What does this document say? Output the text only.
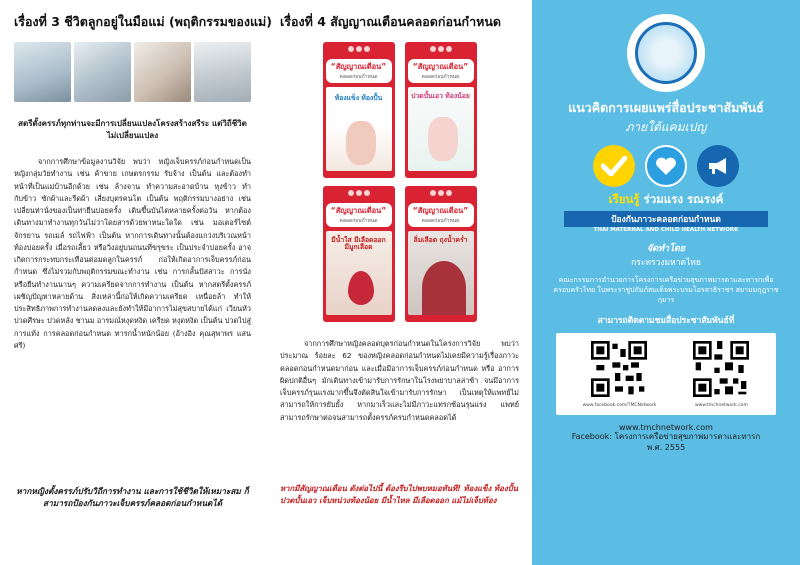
เรื่องที่ 3 ชีวิตลูกอยู่ในมือแม่ (พฤติกรรมของแม่)

สตรีตั้งครรภ์ทุกท่านจะมีการเปลี่ยนแปลงโครงสร้างสรีระ แต่วิถีชีวิตไม่เปลี่ยนแปลง

จากการศึกษาข้อมูลงานวิจัย พบว่า หญิงเจ็บครรภ์ก่อนกำหนดเป็นหญิงกลุ่มวัยทำงาน เช่น ค้าขาย เกษตรกรรม รับจ้าง เป็นต้น และต้องทำหน้าที่เป็นแม่บ้านอีกด้วย เช่น ล้างจาน ทำความสะอาดบ้าน หุงข้าว ทำกับข้าว ซักผ้าและรีดผ้า เสี่ยงบุตรคนโต เป็นต้น พฤติกรรมบางอย่าง เช่น เปลี่ยนท่านั่งของเป็นท่ายืนบ่อยครั้ง เดินขึ้นบันไดหลายครั้งต่อวัน หากต้องเดินทางมาทำงานทุกวันไม่ว่าโดยสารด้วยพาหนะใดใด เช่น มอเตอร์ไซต์ จักรยาน รถเมล์ รถไฟฟ้า เป็นต้น หากการเดินทางนั้นต้องแกว่งบริเวณหน้าท้องบ่อยครั้ง เมื่อรถเลี้ยว หรือวิ่งอยู่บนถนนที่ขรุขระ เป็นประจำบ่อยครั้ง อาจเกิดการกระทบกระเทือนต่อมดลูกในครรภ์ ก่อให้เกิดอาการเจ็บครรภ์ก่อนกำหนด ซึ่งไม่รวมกับพฤติกรรมขณะทำงาน เช่น การกลั้นปัสสาวะ การนั่งหรือยืนทำงานนานๆ ความเครียดจากการทำงาน เป็นต้น หากสตรีตั้งครรภ์เผชิญปัญหาหลายด้าน สิ่งเหล่านี้ก่อให้เกิดความเครียด เหนื่อยล้า ทำให้ประสิทธิภาพการทำงานลดลงและยังทำให้มีอาการไม่สุขสบายได้แก่ เวียนหัว ปวดศีรษะ ปวดหลัง ชานม อารมณ์หงุดหงิด เครียด หงุดหงิด เป็นต้น ปวดไปสู่ การแท้ง การคลอดก่อนกำหนด ทารกน้ำหนักน้อย (อ้างอิง คุณสุพาพร แสนศรี)

หากหญิงตั้งครรภ์ปรับวิถีการทำงาน และการใช้ชีวิตให้เหมาะสม ก็สามารถป้องกันภาวะเจ็บครรภ์คลอดก่อนกำหนดได้

เรื่องที่ 4 สัญญาณเตือนคลอดก่อนกำหนด
“สัญญาณเตือน”
คลอดก่อนกำหนด
ท้องแข็ง ท้องปั้น
“สัญญาณเตือน”
คลอดก่อนกำหนด
ปวดบั้นเอว ท้องน้อย
“สัญญาณเตือน”
คลอดก่อนกำหนด
มีน้ำใส มีเลือดออก มีมูกเลือด
“สัญญาณเตือน”
คลอดก่อนกำหนด
ลิ่มเลือด ถุงน้ำคร่ำ

จากการศึกษาหญิงคลอดบุตรก่อนกำหนดในโครงการวิจัย พบว่า ประมาณ ร้อยละ 62 ของหญิงคลอดก่อนกำหนดไม่เคยมีความรู้เรื่องภาวะคลอดก่อนกำหนดมาก่อน และเมื่อมีอาการเจ็บครรภ์ก่อนกำหนด หรือ อาการผิดปกติอื่นๆ มักเดินทางเข้ามารับการรักษาในโรงพยาบาลล่าช้า จนมีอาการเจ็บครรภ์รุนแรงมากขึ้นจึงตัดสินใจเข้ามารับการรักษา เป็นเหตุให้แพทย์ไม่สามารถให้การยับยั้ง หากมาเร็วและไม่มีภาวะแทรกซ้อนรุนแรง แพทย์สามารถรักษาต่อจนสามารถตั้งครรภ์ครบกำหนดคลอดได้

หากมีสัญญาณเตือน ดังต่อไปนี้ ต้องรีบไปพบหมอทันที! ท้องแข็ง ท้องปั้น ปวดบั้นเอว เจ็บหน่วงท้องน้อย มีน้ำไหล มีเลือดออก แม้ไม่เจ็บท้อง

แนวคิดการเผยแพร่สื่อประชาสัมพันธ์

ภายใต้แคมเปญ

เรียนรู้ ร่วมแรง รณรงค์
ป้องกันภาวะคลอดก่อนกำหนด
THAI MATERNAL AND CHILD HEALTH NETWORK

จัดทำโดย

กระทรวงมหาดไทย

คณะกรรมการอำนวยการโครงการเครือข่ายสุขภาพมารดาและทารกเพื่อครอบครัวไทย ในพระราชูปถัมภ์สมเด็จพระบรมโอรสาธิราชฯ สยามมกุฎราชกุมาร

สามารถติดตามชมสื่อประชาสัมพันธ์ที่

www.facebook.com/TMCNetwork	www.tmchnetwork.com

www.tmchnetwork.com

Facebook: โครงการเครือข่ายสุขภาพมารดาและทารก

พ.ศ. 2555
